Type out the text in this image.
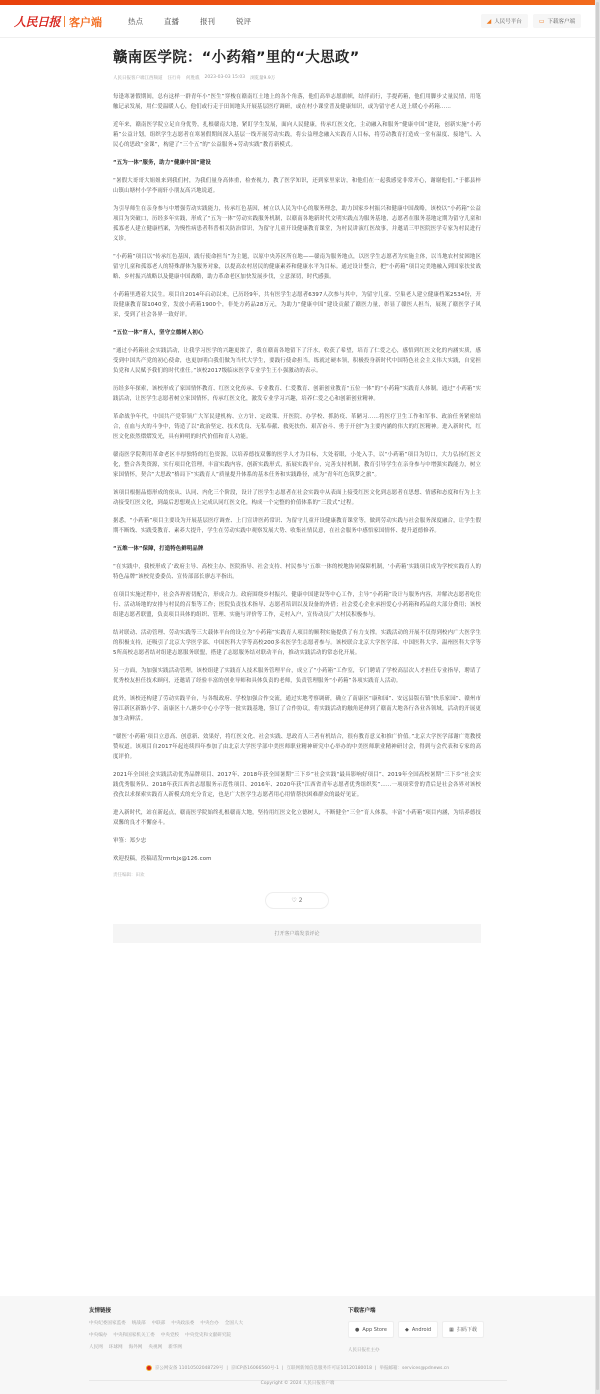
人民日报 客户端	热点	直播	报刊	锐评	◢ 人民号平台	▭ 下载客户端
赣南医学院：“小药箱”里的“大思政”
人民日报客户端江西频道 汪行舟 何胜谯 2023-03-03 15:03 浏览量9.9万

每逢寒暑假期间，总有这样一群青年小“医生”穿梭在赣南红土地上的各个角落，他们高举志愿旗帜，结伴而行，手提药箱，他们用脚步丈量民情，用笔触记录发展，用仁爱温暖人心，他们或行走于田间地头开展基层医疗调研，或在村小课堂普及健康知识，或为留守老人送上暖心小药箱……

近年来，赣南医学院立足自身优势，扎根赣南大地，紧盯学生发展，面向人民健康，传承红医文化，主动融入和服务“健康中国”建设，创新实施“小药箱”公益计划，组织学生志愿者在寒暑假期间深入基层一线开展劳动实践，将公益理念融入实践育人目标，将劳动教育打造成一堂有温度、接地气、入民心的思政“金课”，构建了“三个五”的“公益服务+劳动实践”教育新模式。

“五为一体”服务，助力“健康中国”建设

“暑假大哥哥大姐姐来到我们村，为我们量身高体重，检查视力，教了医学知识，还到家里家访，和他们在一起我感觉非常开心，谢谢他们。”于都县梓山镇山塘村小学李雨轩小朋友高兴地说道。

为引导师生在亲身参与中增强劳动实践能力，传承红色基因，树立以人民为中心的服务理念，助力国家乡村振兴和健康中国战略，该校以“小药箱”公益项目为突破口，历经多年实践，形成了“五为一体”劳动实践服务机制，以赣南各地新时代文明实践点为服务基地，志愿者在服务基地定期为留守儿童和孤寡老人建立健康档案，为慢性病患者科普相关防治常识，为留守儿童开设健康教育课堂，为村民讲演红医故事，并邀请三甲医院医学专家为村民进行义诊。

“小药箱”项目以“传承红色基因，践行使命担当”为主题，以原中央苏区所在地——赣南为服务地点，以医学生志愿者为实施主体，以当地农村贫困地区留守儿童和孤寡老人的特殊群体为服务对象，以提高农村居民的健康素养和健康水平为目标。通过设计整合，把“小药箱”项目完美地融入到国家扶贫战略、乡村振兴战略以及健康中国战略，助力革命老区加快发展步伐，立意深切，时代感强。

小药箱里透着大民生。项目自2014年启动以来，已历经9年，共有医学生志愿者6397人次参与其中，为留守儿童、空巢老人建立健康档案2534份，开设健康教育课1040堂，发放小药箱1900个，非处方药品28万元，为助力“健康中国”建设贡献了赣医力量，彰显了赣医人担当，展现了赣医学子风采，受到了社会各界一致好评。

“五位一体”育人，坚守立德树人初心

“通过小药箱社会实践活动，让我学习医学的兴趣更浓了，我在赣南各地留下了汗水，收获了希望，培育了仁爱之心，感悟到红医文化的内涵实质，感受到中国共产党的初心使命，也更加明白我们做为当代大学生，要践行使命担当，练就过硬本领，积极投身新时代中国特色社会主义伟大实践，自觉担负党和人民赋予我们的时代重任。”该校2017级临床医学专业学生王小强激动的表示。

历经多年探索，该校形成了家国情怀教育、红医文化传承、专业教育、仁爱教育、创新创业教育“五位一体”的“小药箱”实践育人体制。通过“小药箱”实践活动，让医学生志愿者树立家国情怀，传承红医文化，激发专业学习兴趣，培养仁爱之心和创新创业精神。

革命战争年代，中国共产党带领广大军民建机构、立方针、定政策、开医院、办学校、抓防疫、革陋习……将医疗卫生工作和军事、政治任务紧密结合，在血与火的斗争中，铸造了以“政治坚定、技术优良、无私奉献、救死扶伤、艰苦奋斗、勇于开创”为主要内涵的伟大的红医精神。进入新时代，红医文化依然熠熠发光，具有鲜明的时代价值和育人功能。

赣南医学院利用革命老区丰厚独特的红色资源，以培养德技双馨的医学人才为目标，大处着眼，小处入手，以“小药箱”项目为切口，大力弘扬红医文化，整合各类资源，实行项目化管理，丰富实践内容，创新实践形式，拓展实践平台，完善支持机制，教育引导学生在亲身参与中增强实践能力，树立家国情怀，契合“大思政”格局下“实践育人”质量提升体系的基本任务和实践路径，成为“青年红色筑梦之旅”。

该项目根据品德形成的依从、认同、内化三个阶段，设计了医学生志愿者在社会实践中从表面上接受红医文化到志愿者在思想、情感和态度和行为上主动接受红医文化，到最后思想观点上完成认同红医文化，构成一个完整的价值体系的“三段式”过程。

据悉，“小药箱”项目主要设为开展基层医疗调查、上门宣讲医药常识、为留守儿童开设健康教育课堂等，做到劳动实践与社会服务深度融合，让学生假期不断线、实践受教育、素养大提升，学生在劳动实践中观察发展大势、收集社情民意，在社会服务中感悟家国情怀、提升道德修养。

“五维一体”保障，打造特色鲜明品牌

“在实践中，我校形成了‘政府主导、高校主办、医院指导、社会支持、村民参与’五维一体的校地协同保障机制，‘小药箱’实践项目成为学校实践育人的特色品牌”该校党委委员、宣传部部长廖志平指出。

在项目实施过程中，社会各界密切配合，形成合力。政府围绕乡村振兴、健康中国建设等中心工作，主导“小药箱”设计与服务内容，并解决志愿者吃住行、活动场地的安排与村民的召集等工作；医院负责技术指导、志愿者培训以及设备的外借；社会爱心企业承担爱心小药箱和药品的大部分费用；该校组建志愿者联盟，负责项目具体的组织、管理、实施与评价等工作，走村入户，宣传动员广大村民积极参与。

结对联动、活动管理、劳动实践等三大载体平台的设立为“小药箱”实践育人项目的顺利实施提供了有力支撑。实践活动的开展不仅得到校内广大医学生的积极支持，还吸引了北京大学医学部、中国医科大学等高校200多名医学生志愿者参与。该校联合北京大学医学部、中国医科大学、温州医科大学等5所高校志愿者结对组建志愿服务联盟，搭建了志愿服务结对联动平台，推动实践活动的常态化开展。

另一方面，为加强实践活动管理，该校组建了实践育人技术服务管理平台，成立了“小药箱”工作室，专门聘请了学校高层次人才担任专业指导，聘请了优秀校友担任技术顾问，还邀请了经验丰富的创业导师和具体负责的老师，负责管理服务“小药箱”各项实践育人活动。

此外，该校还构建了劳动实践平台，与各级政府、学校加强合作交流，通过实地考察调研，确立了南康区“康和园”、安远县版石镇“快乐家园”、赣州市蓉江新区新路小学、南康区十八塘乡中心小学等一批实践基地，签订了合作协议，将实践活动的触角延伸到了赣南大地各行各业各领域，活动的开展更加生动鲜活。

“赣医‘小药箱’项目立意高、创意新、效果好，将红医文化、社会实践、思政育人三者有机结合，很有教育意义和推广价值。”北京大学医学部谢广宽教授赞叹道。该项目自2017年起连续四年参加了由北京大学医学部中美医师职业精神研究中心举办的中美医师职业精神研讨会，得到与会代表和专家的高度评价。

2021年全国社会实践活动优秀品牌项目、2017年、2018年获全国暑期“三下乡”社会实践“最具影响好项目”、2019年全国高校暑期“三下乡”社会实践优秀服务队、2018年获江西省志愿服务示范性项目、2016年、2020年获“江西省青年志愿者优秀组织奖”……一项项荣誉的背后是社会各界对该校孜孜以求探索实践育人新模式的充分肯定，也是广大医学生志愿者用心用情帮扶困难群众的最好见证。

进入新时代，站在新起点，赣南医学院始终扎根赣南大地，坚持用红医文化立德树人，不断健全“三全”育人体系，丰富“小药箱”项目内涵，为培养德技双馨的良才不懈奋斗。

审签：郑少忠

欢迎投稿，投稿请发rmrbjx@126.com

责任编辑：田欢
♡ 2
打开客户端发表评论
友情链接
中央纪委国家监委 统战部 中联部 中央政法委 中央台办 全国人大
中央编办 中央和国家机关工委 中央党校 中央党史和文献研究院
人民网 环球网 海外网 央视网 新华网
下载客户端
● App Store	◆ Android	▦ 扫码下载
人民日报社主办
京公网安备 11010502048729号 | 京ICP备16066560号-1 | 互联网新闻信息服务许可证10120180018 | 举报邮箱：services@pdnews.cn
Copyright © 2024 人民日报客户端
